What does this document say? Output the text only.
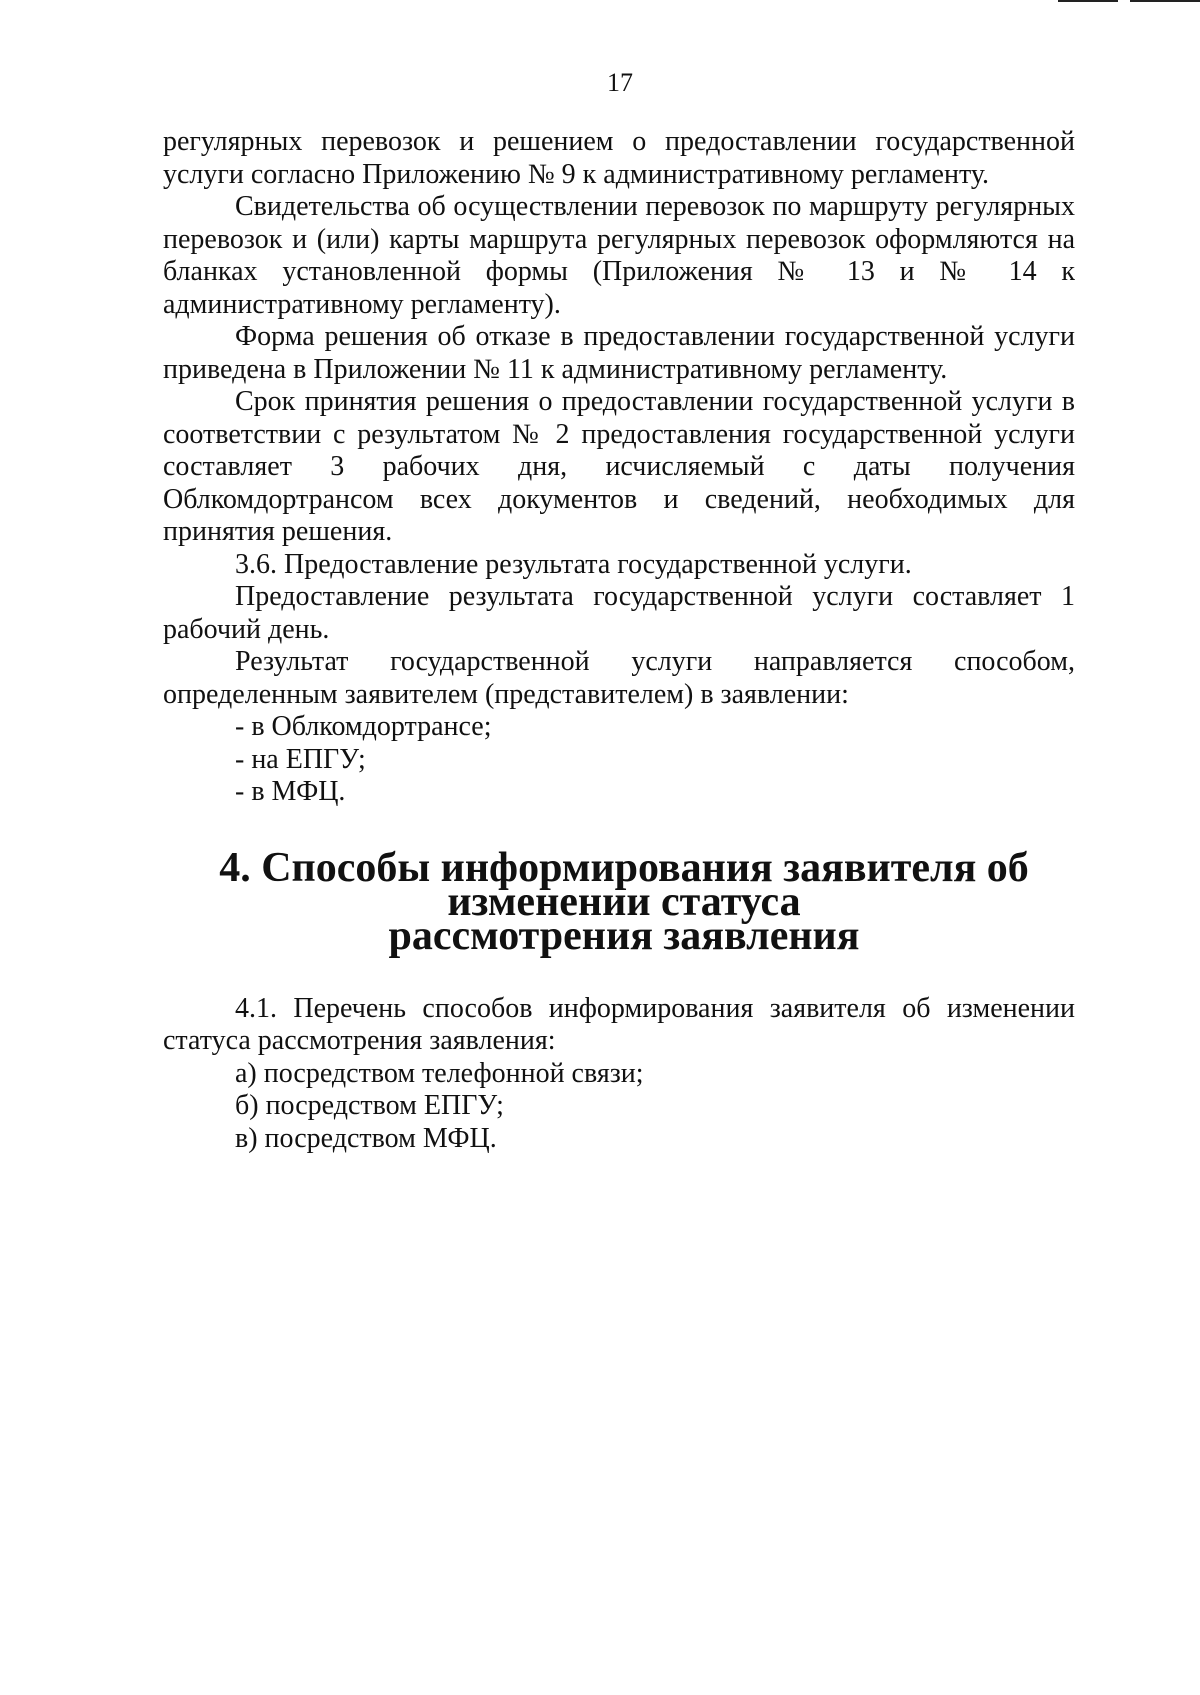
17

регулярных перевозок и решением о предоставлении государственной услуги согласно Приложению № 9 к административному регламенту.

Свидетельства об осуществлении перевозок по маршруту регулярных перевозок и (или) карты маршрута регулярных перевозок оформляются на бланках установленной формы (Приложения № 13 и № 14 к административному регламенту).

Форма решения об отказе в предоставлении государственной услуги приведена в Приложении № 11 к административному регламенту.

Срок принятия решения о предоставлении государственной услуги в соответствии с результатом № 2 предоставления государственной услуги составляет 3 рабочих дня, исчисляемый с даты получения Облкомдортрансом всех документов и сведений, необходимых для принятия решения.

3.6. Предоставление результата государственной услуги.

Предоставление результата государственной услуги составляет 1 рабочий день.

Результат государственной услуги направляется способом, определенным заявителем (представителем) в заявлении:

- в Облкомдортрансе;

- на ЕПГУ;

- в МФЦ.

4. Способы информирования заявителя об изменении статуса
рассмотрения заявления

4.1. Перечень способов информирования заявителя об изменении статуса рассмотрения заявления:

а) посредством телефонной связи;

б) посредством ЕПГУ;

в) посредством МФЦ.
